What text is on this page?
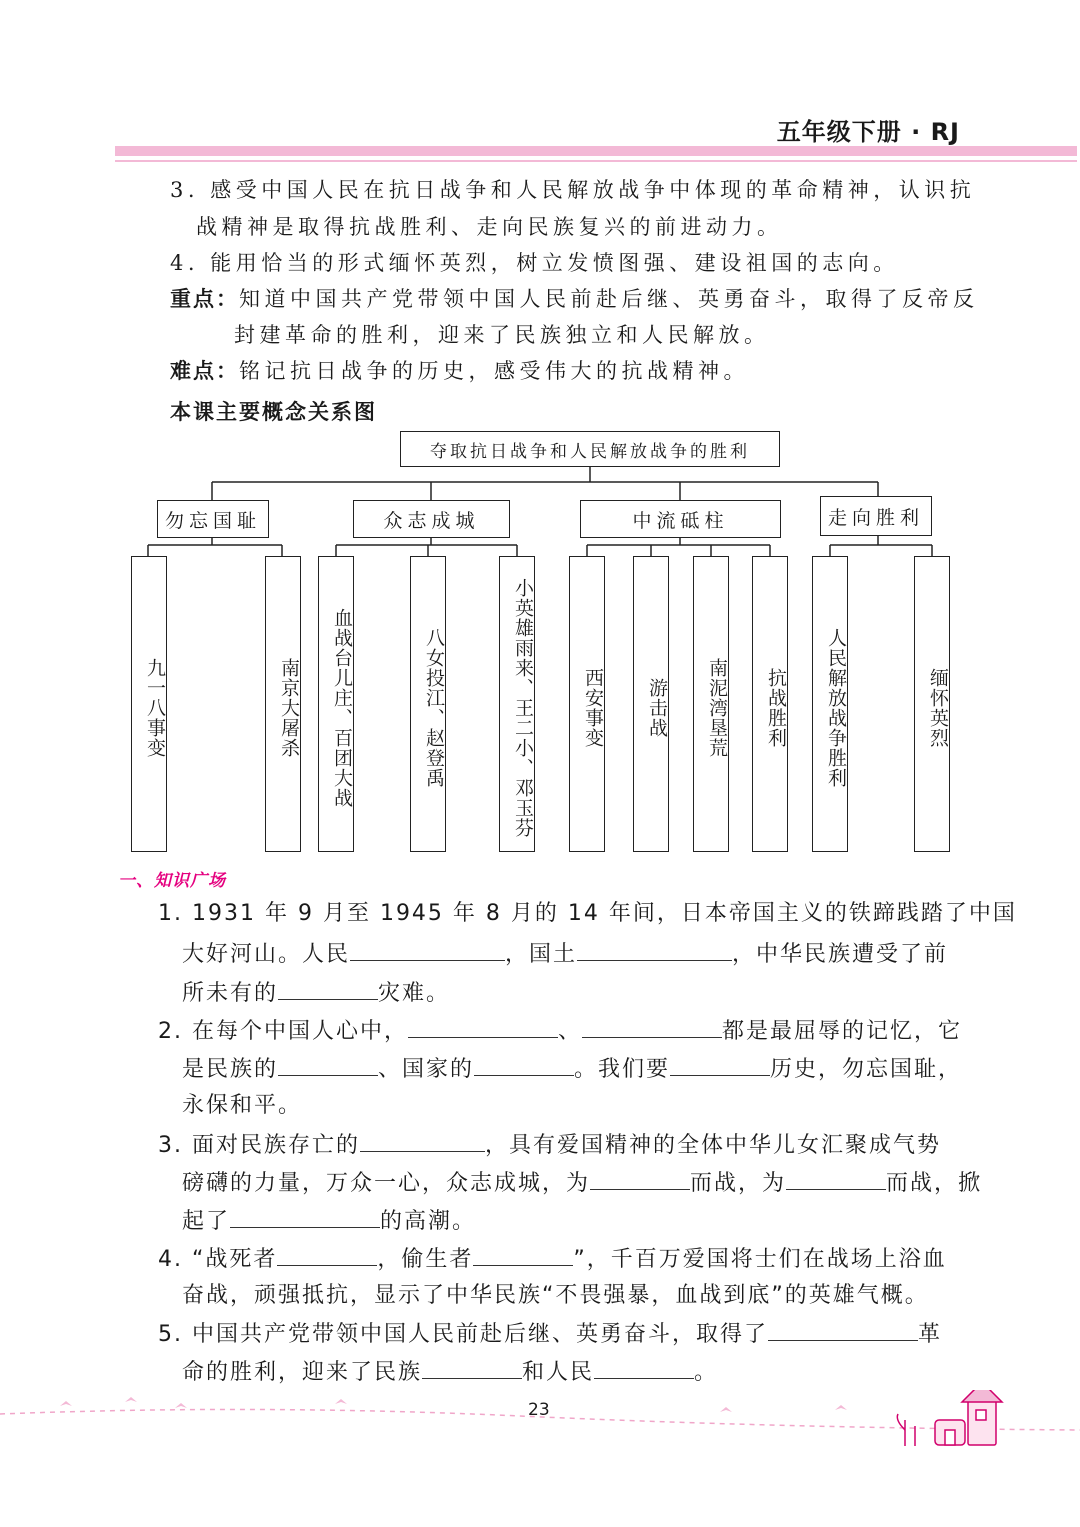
五年级下册 · RJ
3. 感受中国人民在抗日战争和人民解放战争中体现的革命精神，认识抗
战精神是取得抗战胜利、走向民族复兴的前进动力。
4. 能用恰当的形式缅怀英烈，树立发愤图强、建设祖国的志向。
重点：知道中国共产党带领中国人民前赴后继、英勇奋斗，取得了反帝反
封建革命的胜利，迎来了民族独立和人民解放。
难点：铭记抗日战争的历史，感受伟大的抗战精神。
本课主要概念关系图
夺取抗日战争和人民解放战争的胜利
勿忘国耻	众志成城	中流砥柱	走向胜利
九一八事变	南京大屠杀	血战台儿庄、百团大战	八女投江、赵登禹	小英雄雨来、王二小、邓玉芬	西安事变	游击战	南泥湾垦荒	抗战胜利	人民解放战争胜利	缅怀英烈
一、知识广场
1. 1931 年 9 月至 1945 年 8 月的 14 年间，日本帝国主义的铁蹄践踏了中国
大好河山。人民	，国土	，中华民族遭受了前
所未有的	灾难。
2. 在每个中国人心中，	、	都是最屈辱的记忆，它
是民族的	、国家的	。我们要	历史，勿忘国耻，
永保和平。
3. 面对民族存亡的	，具有爱国精神的全体中华儿女汇聚成气势
磅礴的力量，万众一心，众志成城，为	而战，为	而战，掀
起了	的高潮。
4. “战死者	，偷生者	”，千百万爱国将士们在战场上浴血
奋战，顽强抵抗，显示了中华民族“不畏强暴，血战到底”的英雄气概。
5. 中国共产党带领中国人民前赴后继、英勇奋斗，取得了	革
命的胜利，迎来了民族	和人民	。
23
